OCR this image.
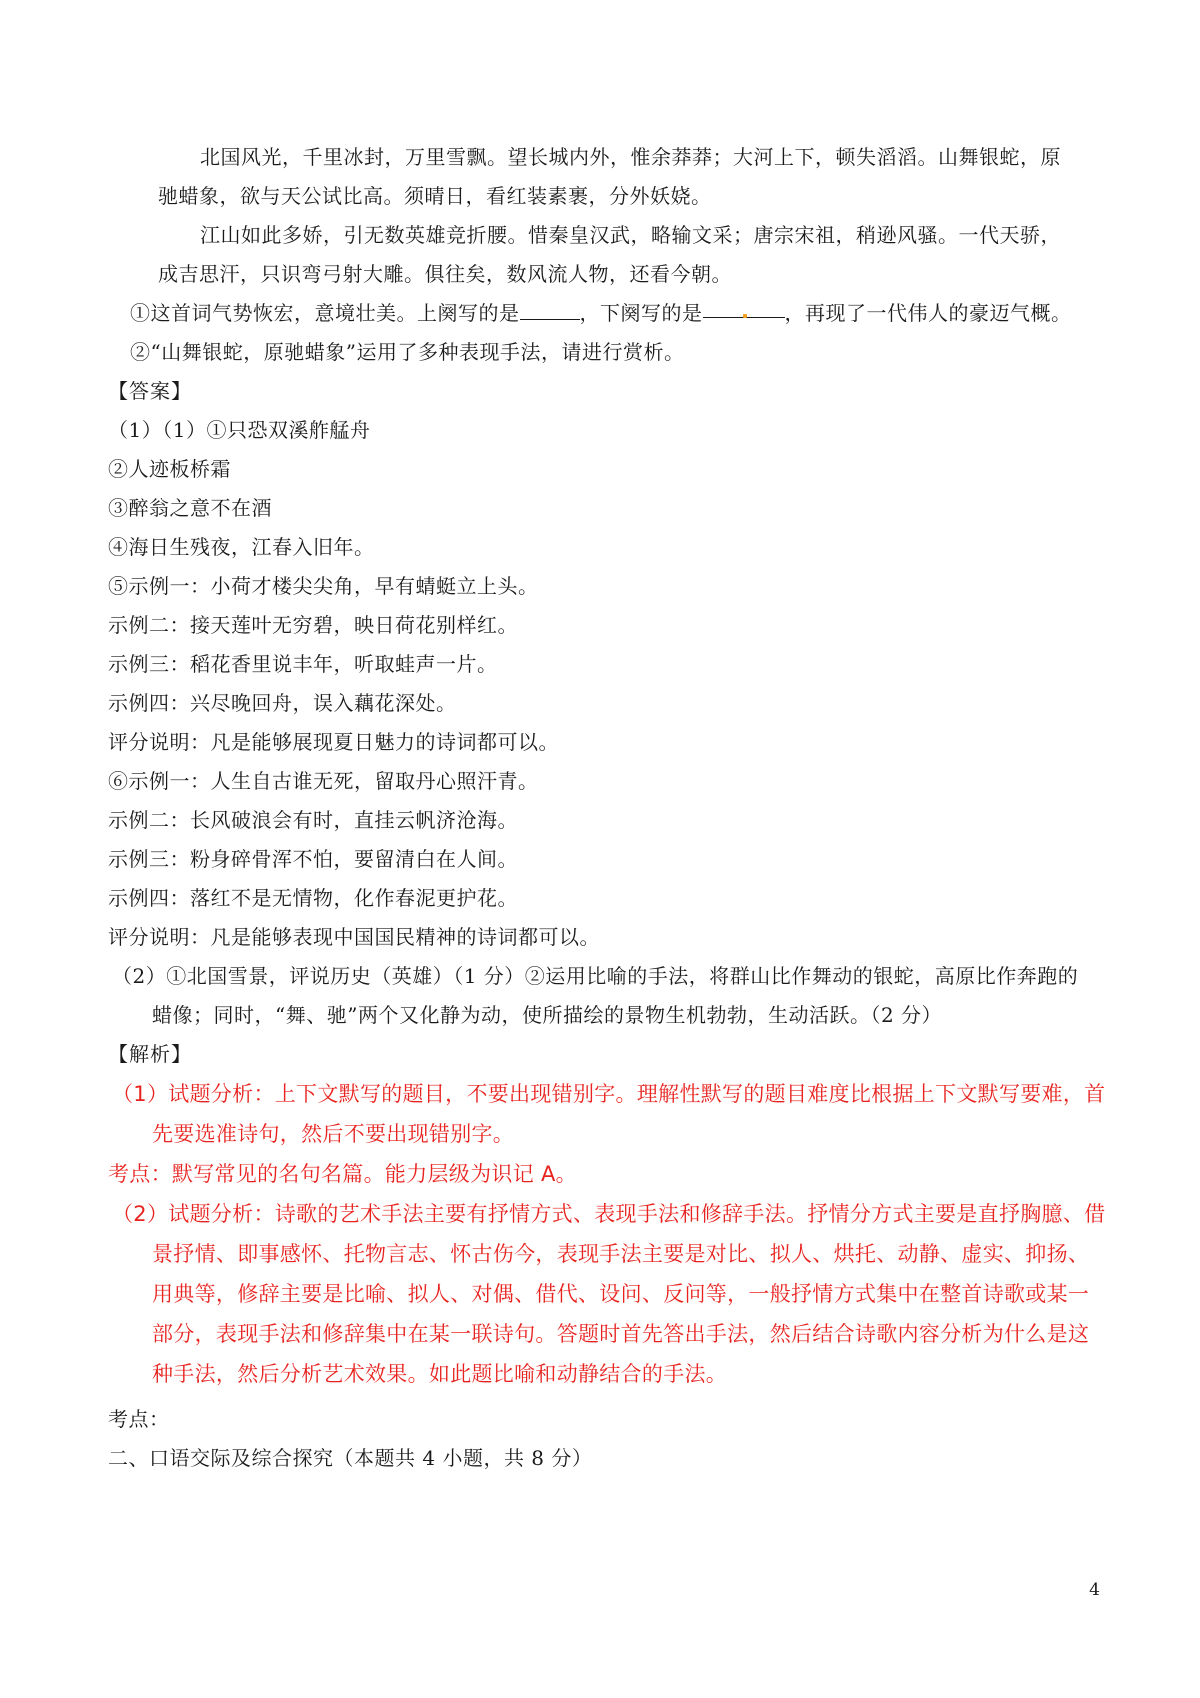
北国风光，千里冰封，万里雪飘。望长城内外，惟余莽莽；大河上下，顿失滔滔。山舞银蛇，原
驰蜡象，欲与天公试比高。须晴日，看红装素裹，分外妖娆。
江山如此多娇，引无数英雄竞折腰。惜秦皇汉武，略输文采；唐宗宋祖，稍逊风骚。一代天骄，
成吉思汗，只识弯弓射大雕。俱往矣，数风流人物，还看今朝。
①这首词气势恢宏，意境壮美。上阕写的是	，下阕写的是	，再现了一代伟人的豪迈气概。
②“山舞银蛇，原驰蜡象”运用了多种表现手法，请进行赏析。
【答案】
（1）（1）①只恐双溪舴艋舟
②人迹板桥霜
③醉翁之意不在酒
④海日生残夜，江春入旧年。
⑤示例一：小荷才楼尖尖角，早有蜻蜓立上头。
示例二：接天莲叶无穷碧，映日荷花别样红。
示例三：稻花香里说丰年，听取蛙声一片。
示例四：兴尽晚回舟，误入藕花深处。
评分说明：凡是能够展现夏日魅力的诗词都可以。
⑥示例一：人生自古谁无死，留取丹心照汗青。
示例二：长风破浪会有时，直挂云帆济沧海。
示例三：粉身碎骨浑不怕，要留清白在人间。
示例四：落红不是无情物，化作春泥更护花。
评分说明：凡是能够表现中国国民精神的诗词都可以。
（2）①北国雪景，评说历史（英雄）（1 分）②运用比喻的手法，将群山比作舞动的银蛇，高原比作奔跑的
蜡像；同时，“舞、驰”两个又化静为动，使所描绘的景物生机勃勃，生动活跃。（2 分）
【解析】
（1）试题分析：上下文默写的题目，不要出现错别字。理解性默写的题目难度比根据上下文默写要难，首
先要选准诗句，然后不要出现错别字。
考点：默写常见的名句名篇。能力层级为识记 A。
（2）试题分析：诗歌的艺术手法主要有抒情方式、表现手法和修辞手法。抒情分方式主要是直抒胸臆、借
景抒情、即事感怀、托物言志、怀古伤今，表现手法主要是对比、拟人、烘托、动静、虚实、抑扬、
用典等，修辞主要是比喻、拟人、对偶、借代、设问、反问等，一般抒情方式集中在整首诗歌或某一
部分，表现手法和修辞集中在某一联诗句。答题时首先答出手法，然后结合诗歌内容分析为什么是这
种手法，然后分析艺术效果。如此题比喻和动静结合的手法。
考点：
二、口语交际及综合探究（本题共 4 小题，共 8 分）
4
